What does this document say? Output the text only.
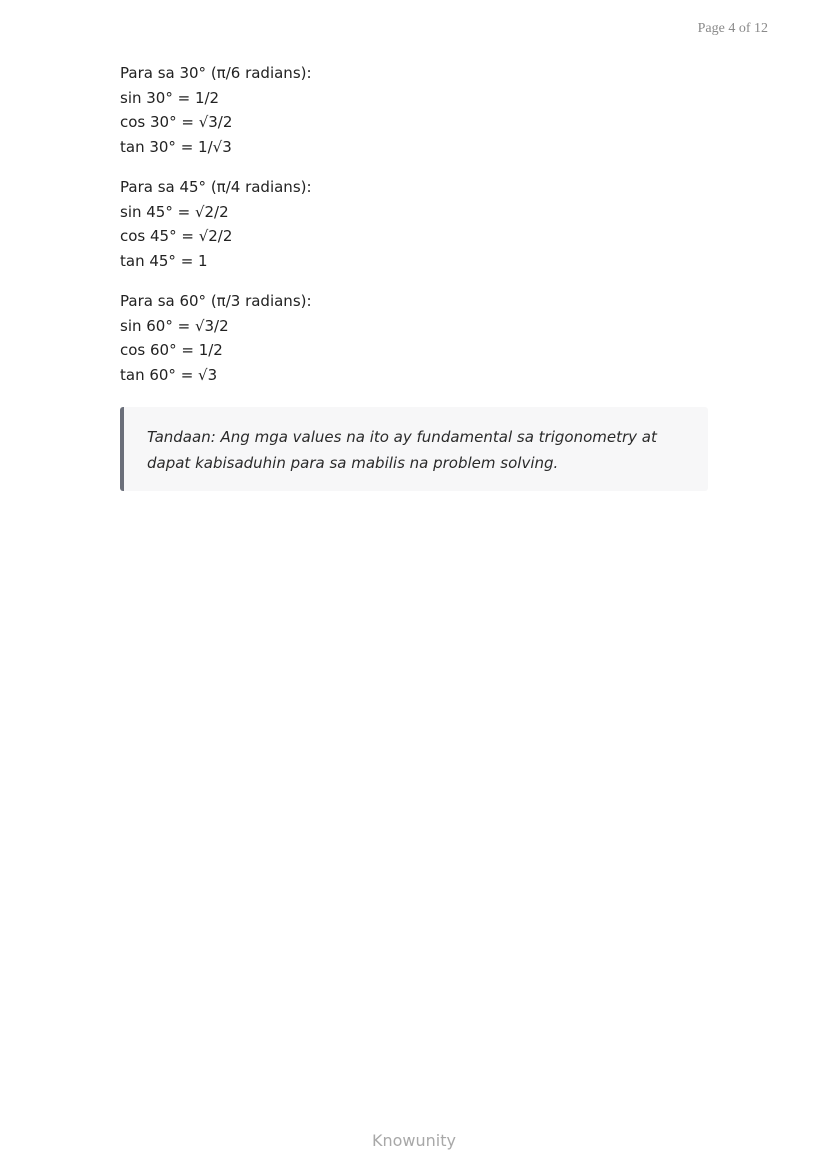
Page 4 of 12
Para sa 30° (π/6 radians):
sin 30° = 1/2
cos 30° = √3/2
tan 30° = 1/√3
Para sa 45° (π/4 radians):
sin 45° = √2/2
cos 45° = √2/2
tan 45° = 1
Para sa 60° (π/3 radians):
sin 60° = √3/2
cos 60° = 1/2
tan 60° = √3
Tandaan: Ang mga values na ito ay fundamental sa trigonometry at dapat kabisaduhin para sa mabilis na problem solving.
Knowunity
